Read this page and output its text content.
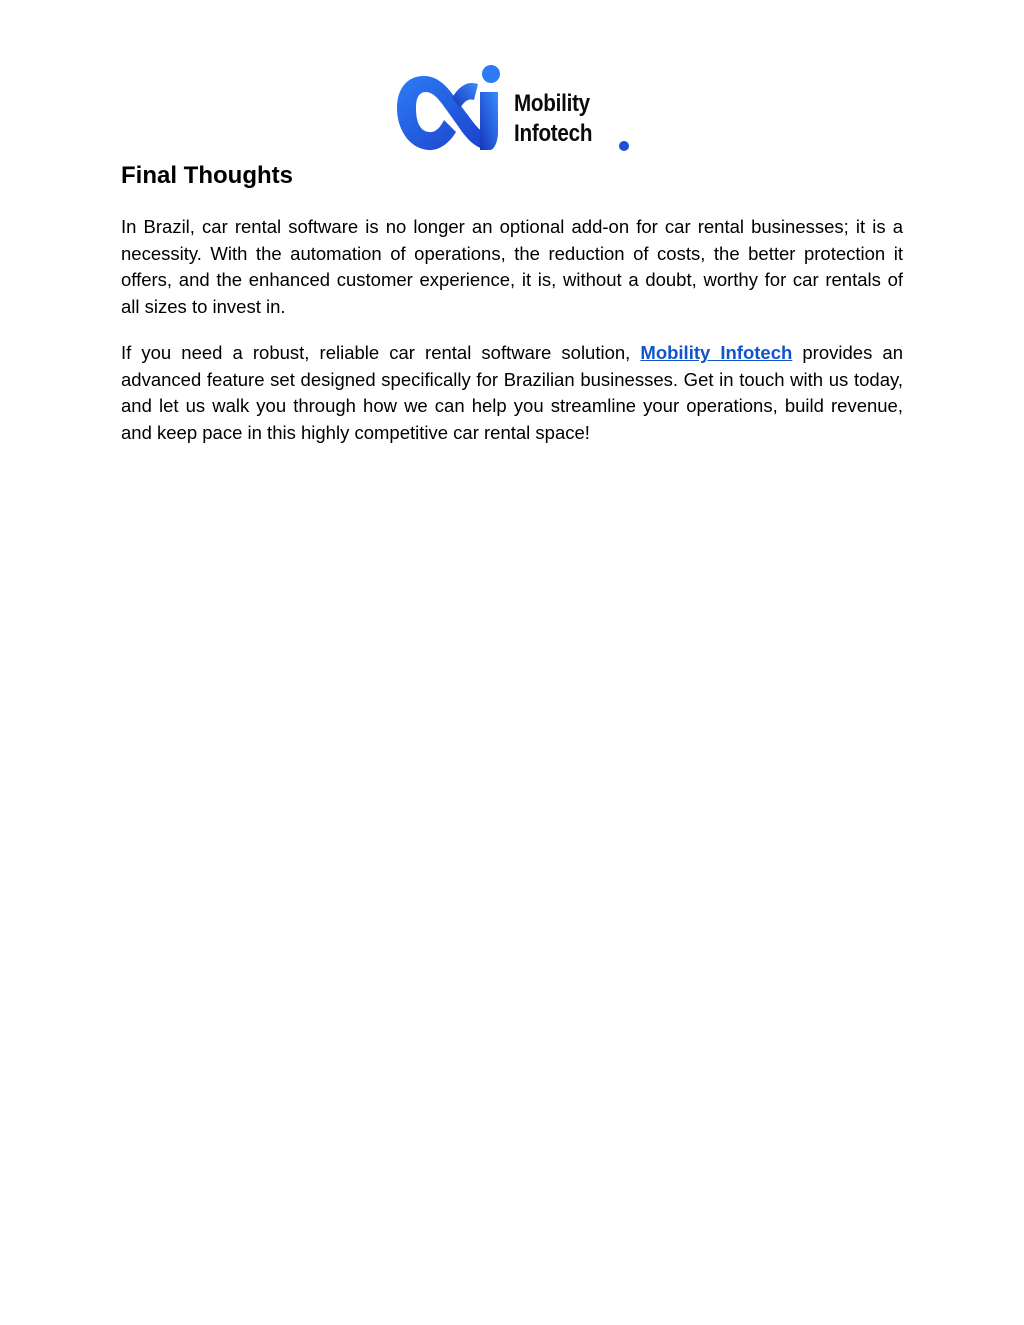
Mobility
Infotech
Final Thoughts

In Brazil, car rental software is no longer an optional add-on for car rental businesses; it is a necessity. With the automation of operations, the reduction of costs, the better protection it offers, and the enhanced customer experience, it is, without a doubt, worthy for car rentals of all sizes to invest in.

If you need a robust, reliable car rental software solution, Mobility Infotech provides an advanced feature set designed specifically for Brazilian businesses. Get in touch with us today, and let us walk you through how we can help you streamline your operations, build revenue, and keep pace in this highly competitive car rental space!
